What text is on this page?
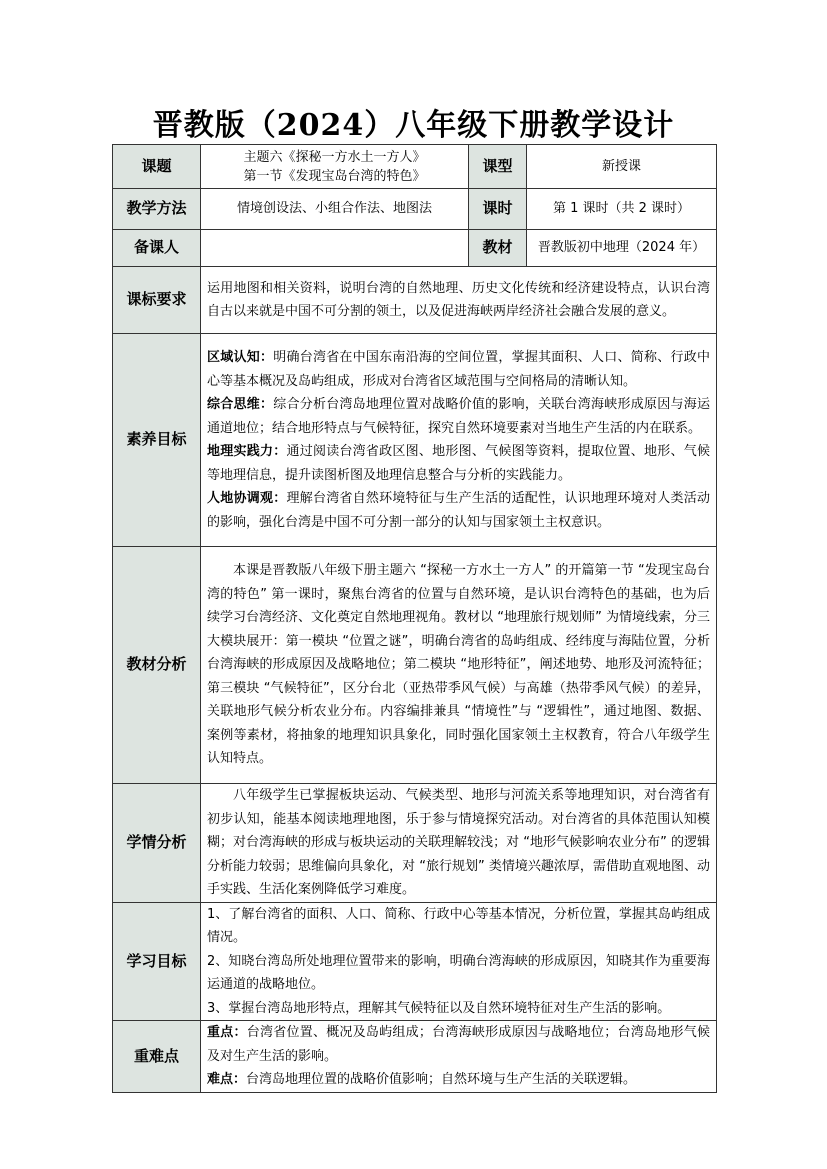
晋教版（2024）八年级下册教学设计
课题	主题六《探秘一方水土一方人》
第一节《发现宝岛台湾的特色》	课型	新授课
教学方法	情境创设法、小组合作法、地图法	课时	第 1 课时（共 2 课时）
备课人		教材	晋教版初中地理（2024 年）
课标要求	运用地图和相关资料，说明台湾的自然地理、历史文化传统和经济建设特点，认识台湾自古以来就是中国不可分割的领土，以及促进海峡两岸经济社会融合发展的意义。		
素养目标	区域认知：明确台湾省在中国东南沿海的空间位置，掌握其面积、人口、简称、行政中心等基本概况及岛屿组成，形成对台湾省区域范围与空间格局的清晰认知。

综合思维：综合分析台湾岛地理位置对战略价值的影响，关联台湾海峡形成原因与海运通道地位；结合地形特点与气候特征，探究自然环境要素对当地生产生活的内在联系。

地理实践力：通过阅读台湾省政区图、地形图、气候图等资料，提取位置、地形、气候等地理信息，提升读图析图及地理信息整合与分析的实践能力。

人地协调观：理解台湾省自然环境特征与生产生活的适配性，认识地理环境对人类活动的影响，强化台湾是中国不可分割一部分的认知与国家领土主权意识。		

教材分析	本课是晋教版八年级下册主题六 “探秘一方水土一方人” 的开篇第一节 “发现宝岛台湾的特色” 第一课时，聚焦台湾省的位置与自然环境，是认识台湾特色的基础，也为后续学习台湾经济、文化奠定自然地理视角。教材以 “地理旅行规划师” 为情境线索，分三大模块展开：第一模块 “位置之谜”，明确台湾省的岛屿组成、经纬度与海陆位置，分析台湾海峡的形成原因及战略地位；第二模块 “地形特征”，阐述地势、地形及河流特征；第三模块 “气候特征”，区分台北（亚热带季风气候）与高雄（热带季风气候）的差异，关联地形气候分析农业分布。内容编排兼具 “情境性”与 “逻辑性”，通过地图、数据、案例等素材，将抽象的地理知识具象化，同时强化国家领土主权教育，符合八年级学生认知特点。		
学情分析	八年级学生已掌握板块运动、气候类型、地形与河流关系等地理知识，对台湾省有初步认知，能基本阅读地理地图，乐于参与情境探究活动。对台湾省的具体范围认知模糊；对台湾海峡的形成与板块运动的关联理解较浅；对 “地形气候影响农业分布” 的逻辑分析能力较弱；思维偏向具象化，对 “旅行规划” 类情境兴趣浓厚，需借助直观地图、动手实践、生活化案例降低学习难度。		
学习目标	1、了解台湾省的面积、人口、简称、行政中心等基本情况，分析位置，掌握其岛屿组成情况。

2、知晓台湾岛所处地理位置带来的影响，明确台湾海峡的形成原因，知晓其作为重要海运通道的战略地位。

3、掌握台湾岛地形特点，理解其气候特征以及自然环境特征对生产生活的影响。		

重难点	重点：台湾省位置、概况及岛屿组成；台湾海峡形成原因与战略地位；台湾岛地形气候及对生产生活的影响。

难点：台湾岛地理位置的战略价值影响；自然环境与生产生活的关联逻辑。		
